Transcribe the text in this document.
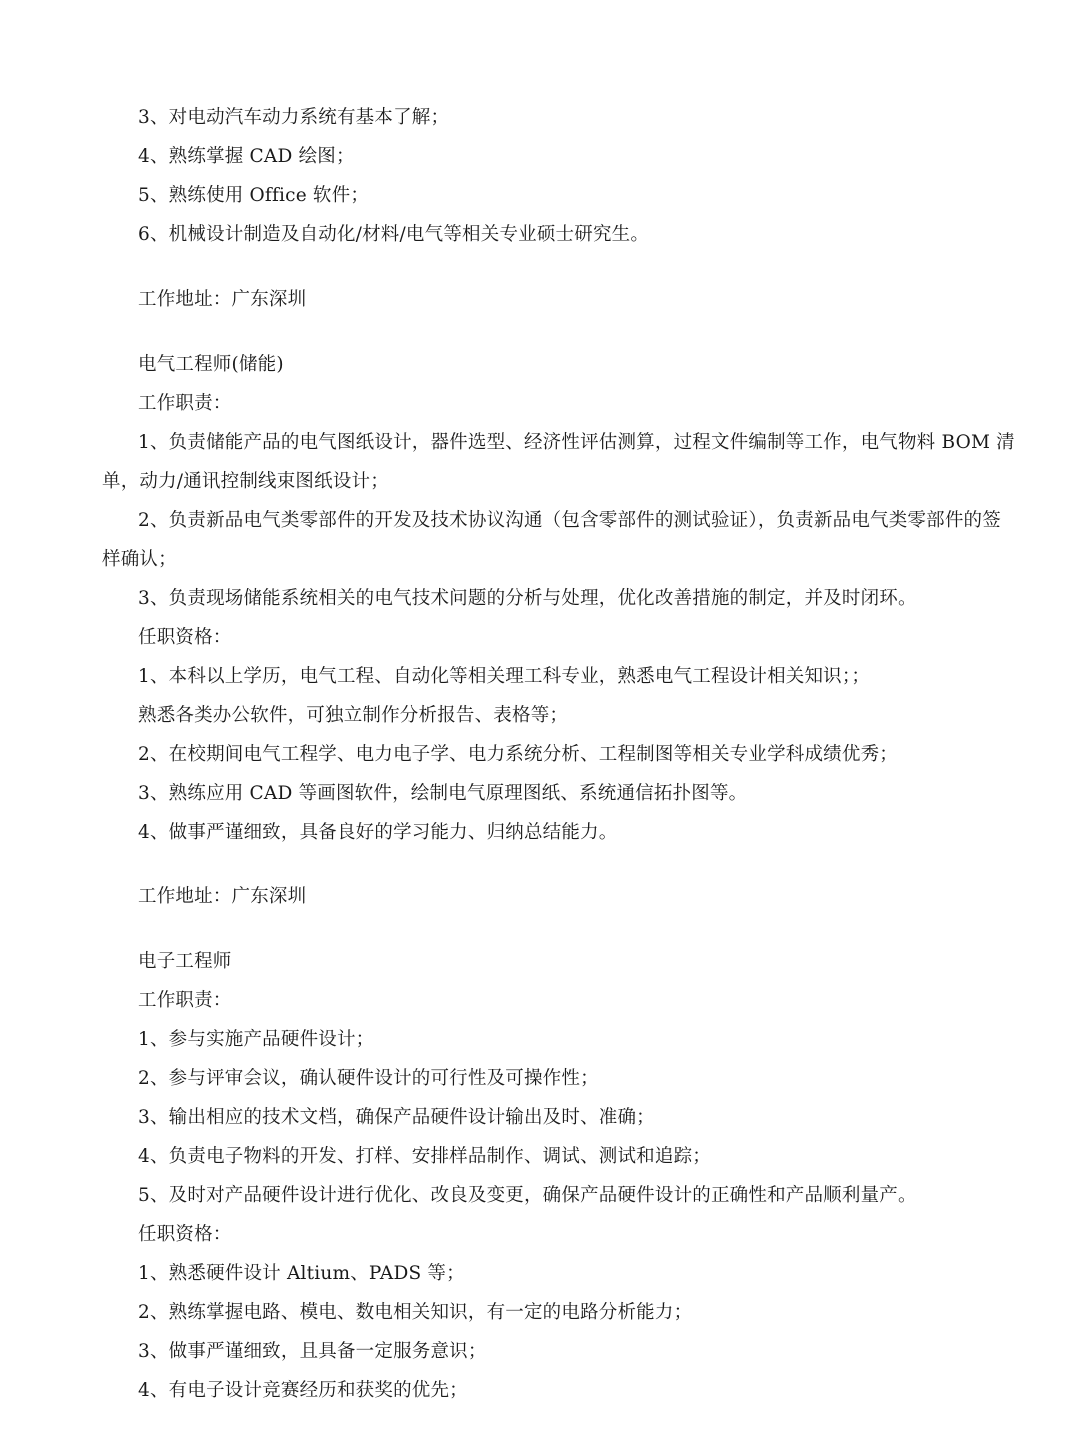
3、对电动汽车动力系统有基本了解；
4、熟练掌握 CAD 绘图；
5、熟练使用 Office 软件；
6、机械设计制造及自动化/材料/电气等相关专业硕士研究生。
工作地址：广东深圳
电气工程师(储能)
工作职责：
1、负责储能产品的电气图纸设计，器件选型、经济性评估测算，过程文件编制等工作，电气物料 BOM 清
单，动力/通讯控制线束图纸设计；
2、负责新品电气类零部件的开发及技术协议沟通（包含零部件的测试验证），负责新品电气类零部件的签
样确认；
3、负责现场储能系统相关的电气技术问题的分析与处理，优化改善措施的制定，并及时闭环。
任职资格：
1、本科以上学历，电气工程、自动化等相关理工科专业，熟悉电气工程设计相关知识；；
熟悉各类办公软件，可独立制作分析报告、表格等；
2、在校期间电气工程学、电力电子学、电力系统分析、工程制图等相关专业学科成绩优秀；
3、熟练应用 CAD 等画图软件，绘制电气原理图纸、系统通信拓扑图等。
4、做事严谨细致，具备良好的学习能力、归纳总结能力。
工作地址：广东深圳
电子工程师
工作职责：
1、参与实施产品硬件设计；
2、参与评审会议，确认硬件设计的可行性及可操作性；
3、输出相应的技术文档，确保产品硬件设计输出及时、准确；
4、负责电子物料的开发、打样、安排样品制作、调试、测试和追踪；
5、及时对产品硬件设计进行优化、改良及变更，确保产品硬件设计的正确性和产品顺利量产。
任职资格：
1、熟悉硬件设计 Altium、PADS 等；
2、熟练掌握电路、模电、数电相关知识，有一定的电路分析能力；
3、做事严谨细致，且具备一定服务意识；
4、有电子设计竞赛经历和获奖的优先；
